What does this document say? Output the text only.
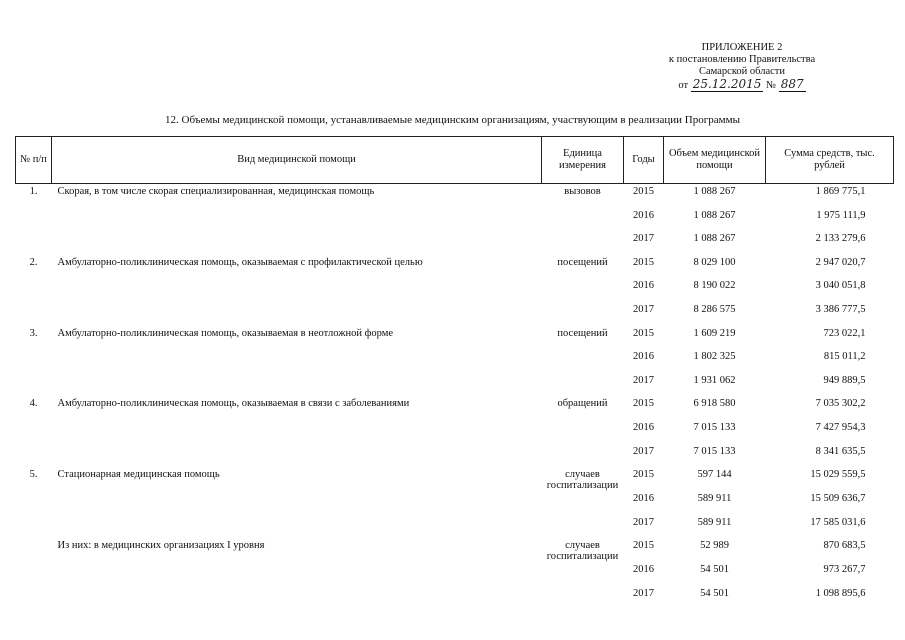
ПРИЛОЖЕНИЕ 2
к постановлению Правительства
Самарской области
от 25.12.2015 № 887
12. Объемы медицинской помощи, устанавливаемые медицинским организациям, участвующим в реализации Программы
№ п/п	Вид медицинской помощи	Единица измерения	Годы	Объем медицинской помощи	Сумма средств, тыс. рублей
1.	Скорая, в том числе скорая специализированная, медицинская помощь	вызовов	2015	1 088 267	1 869 775,1
			2016	1 088 267	1 975 111,9
			2017	1 088 267	2 133 279,6
2.	Амбулаторно-поликлиническая помощь, оказываемая с профилактической целью	посещений	2015	8 029 100	2 947 020,7
			2016	8 190 022	3 040 051,8
			2017	8 286 575	3 386 777,5
3.	Амбулаторно-поликлиническая помощь, оказываемая в неотложной форме	посещений	2015	1 609 219	723 022,1
			2016	1 802 325	815 011,2
			2017	1 931 062	949 889,5
4.	Амбулаторно-поликлиническая помощь, оказываемая в связи с заболеваниями	обращений	2015	6 918 580	7 035 302,2
			2016	7 015 133	7 427 954,3
			2017	7 015 133	8 341 635,5
5.	Стационарная медицинская помощь	случаев госпитализации	2015	597 144	15 029 559,5
			2016	589 911	15 509 636,7
			2017	589 911	17 585 031,6
	Из них: в медицинских организациях I уровня	случаев госпитализации	2015	52 989	870 683,5
			2016	54 501	973 267,7
			2017	54 501	1 098 895,6
